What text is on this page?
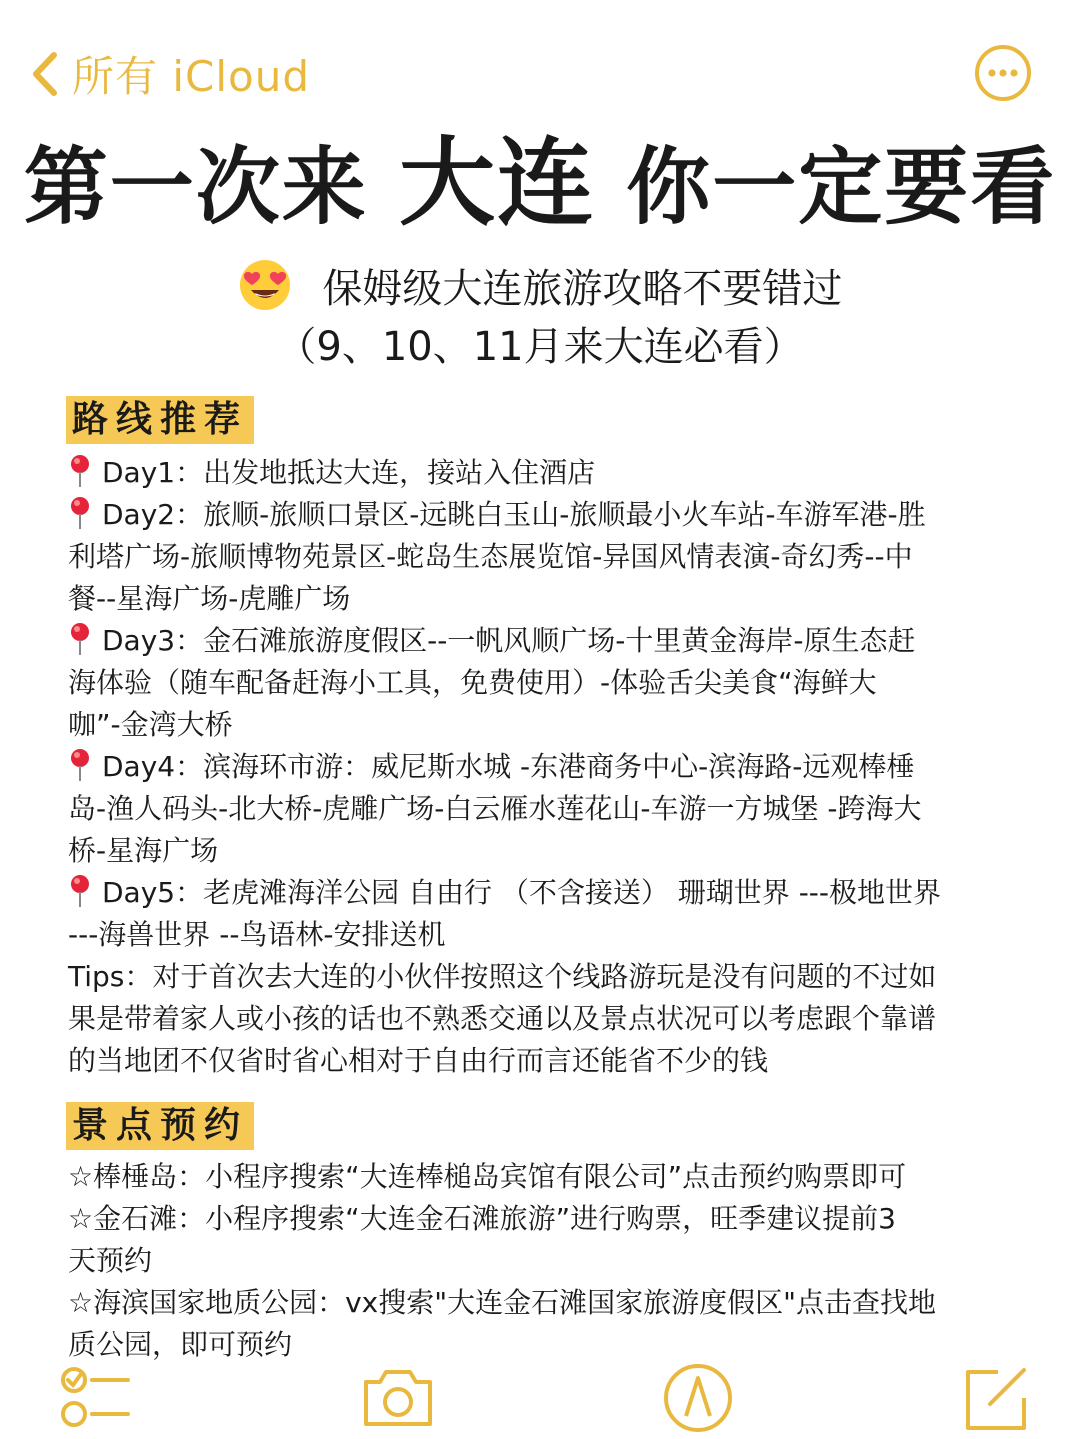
所有 iCloud
第一次来 大连 你一定要看
保姆级大连旅游攻略不要错过
（9、10、11月来大连必看）
路线推荐
Day1：出发地抵达大连，接站入住酒店
Day2：旅顺-旅顺口景区-远眺白玉山-旅顺最小火车站-车游军港-胜
利塔广场-旅顺博物苑景区-蛇岛生态展览馆-异国风情表演-奇幻秀--中
餐--星海广场-虎雕广场
Day3：金石滩旅游度假区--一帆风顺广场-十里黄金海岸-原生态赶
海体验（随车配备赶海小工具，免费使用）-体验舌尖美食“海鲜大
咖”-金湾大桥
Day4：滨海环市游：威尼斯水城 -东港商务中心-滨海路-远观棒棰
岛-渔人码头-北大桥-虎雕广场-白云雁水莲花山-车游一方城堡 -跨海大
桥-星海广场
Day5：老虎滩海洋公园 自由行 （不含接送） 珊瑚世界 ---极地世界
---海兽世界 --鸟语林-安排送机
Tips：对于首次去大连的小伙伴按照这个线路游玩是没有问题的不过如
果是带着家人或小孩的话也不熟悉交通以及景点状况可以考虑跟个靠谱
的当地团不仅省时省心相对于自由行而言还能省不少的钱
景点预约
☆棒棰岛：小程序搜索“大连棒槌岛宾馆有限公司”点击预约购票即可
☆金石滩：小程序搜索“大连金石滩旅游”进行购票，旺季建议提前3
天预约
☆海滨国家地质公园：vx搜索"大连金石滩国家旅游度假区"点击查找地
质公园，即可预约
